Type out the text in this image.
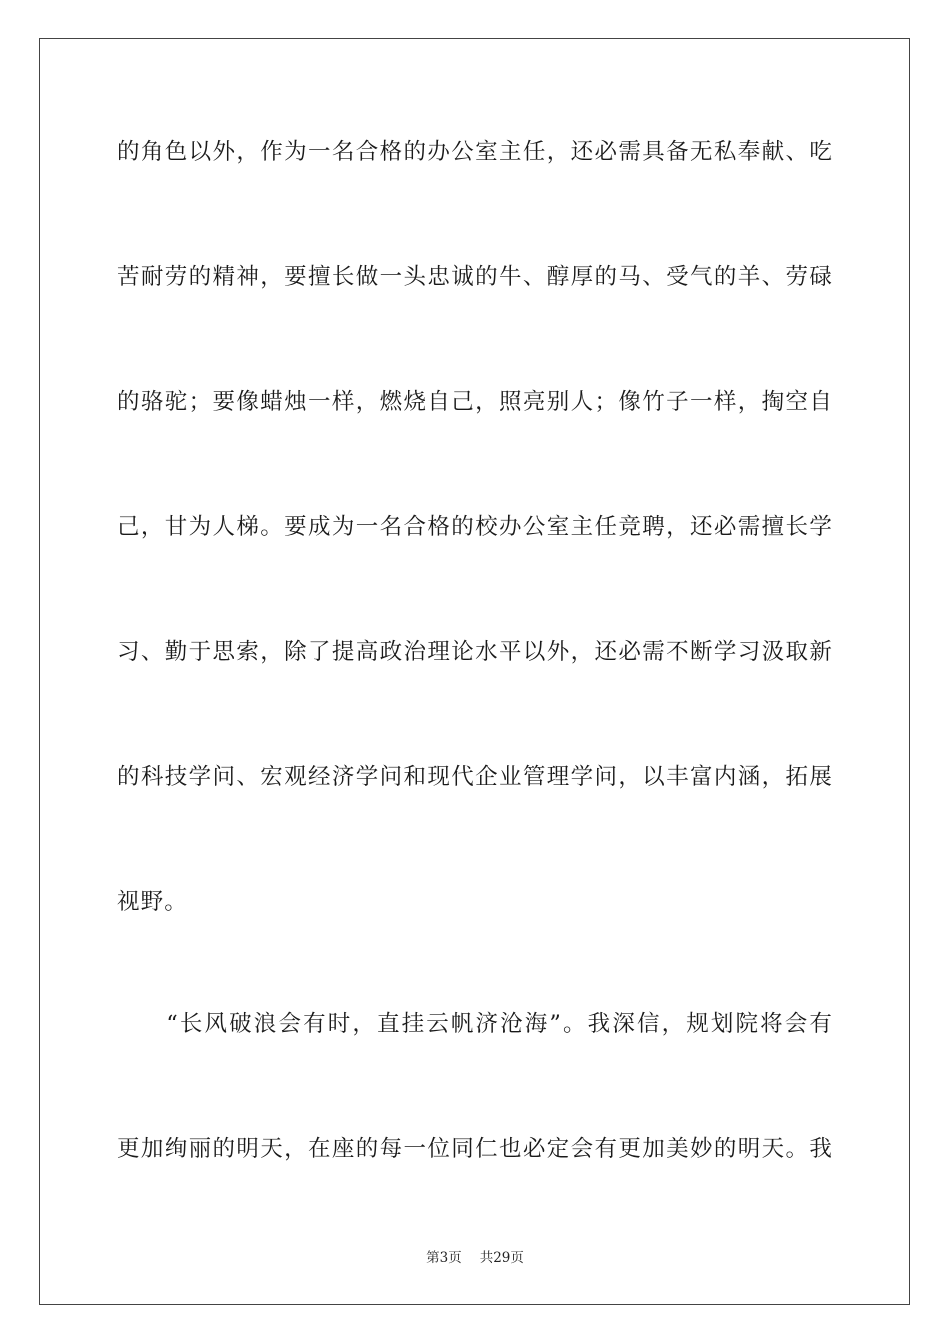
的角色以外，作为一名合格的办公室主任，还必需具备无私奉献、吃
苦耐劳的精神，要擅长做一头忠诚的牛、醇厚的马、受气的羊、劳碌
的骆驼；要像蜡烛一样，燃烧自己，照亮别人；像竹子一样，掏空自
己，甘为人梯。要成为一名合格的校办公室主任竞聘，还必需擅长学
习、勤于思索，除了提高政治理论水平以外，还必需不断学习汲取新
的科技学问、宏观经济学问和现代企业管理学问，以丰富内涵，拓展
视野。
　　“长风破浪会有时，直挂云帆济沧海”。我深信，规划院将会有
更加绚丽的明天，在座的每一位同仁也必定会有更加美妙的明天。我
第3页 共29页
